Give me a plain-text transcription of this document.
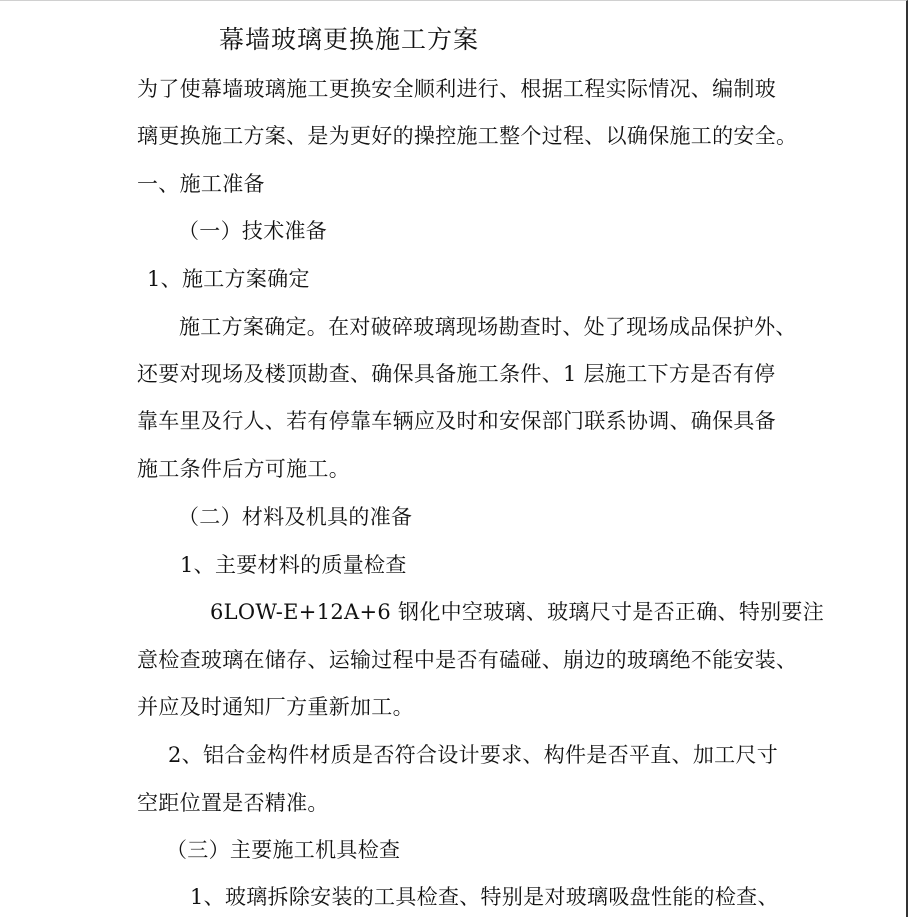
幕墙玻璃更换施工方案
为了使幕墙玻璃施工更换安全顺利进行、根据工程实际情况、编制玻
璃更换施工方案、是为更好的操控施工整个过程、以确保施工的安全。
一、施工准备
（一）技术准备
1、施工方案确定
施工方案确定。在对破碎玻璃现场勘查时、处了现场成品保护外、
还要对现场及楼顶勘查、确保具备施工条件、1 层施工下方是否有停
靠车里及行人、若有停靠车辆应及时和安保部门联系协调、确保具备
施工条件后方可施工。
（二）材料及机具的准备
1、主要材料的质量检查
6LOW-E+12A+6 钢化中空玻璃、玻璃尺寸是否正确、特别要注
意检查玻璃在储存、运输过程中是否有磕碰、崩边的玻璃绝不能安装、
并应及时通知厂方重新加工。
2、铝合金构件材质是否符合设计要求、构件是否平直、加工尺寸
空距位置是否精准。
（三）主要施工机具检查
1、玻璃拆除安装的工具检查、特别是对玻璃吸盘性能的检查、
